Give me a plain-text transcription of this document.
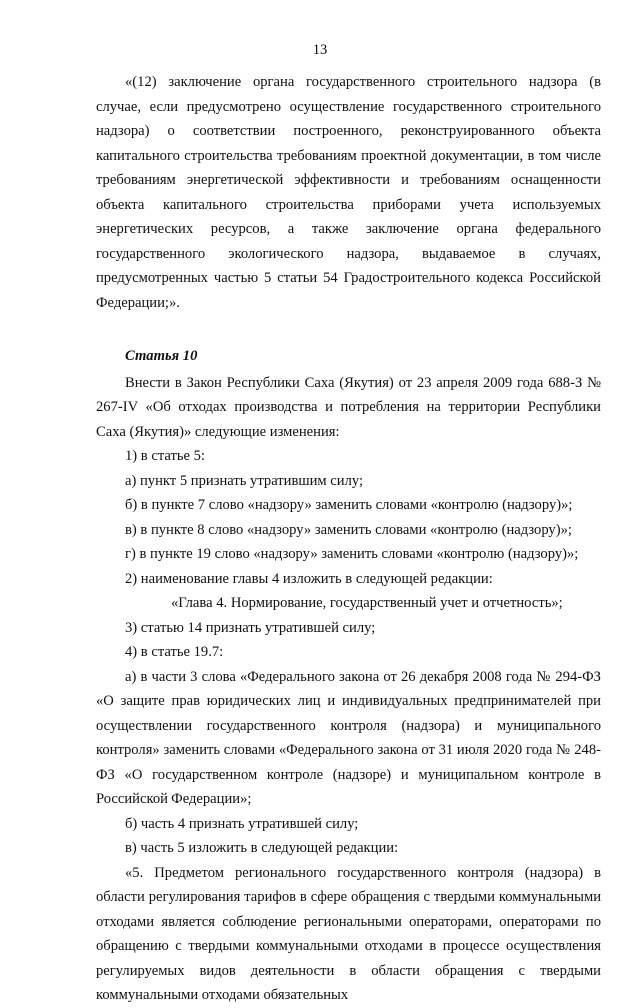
13

«(12) заключение органа государственного строительного надзора (в случае, если предусмотрено осуществление государственного строительного надзора) о соответствии построенного, реконструированного объекта капитального строительства требованиям проектной документации, в том числе требованиям энергетической эффективности и требованиям оснащенности объекта капитального строительства приборами учета используемых энергетических ресурсов, а также заключение органа федерального государственного экологического надзора, выдаваемое в случаях, предусмотренных частью 5 статьи 54 Градостроительного кодекса Российской Федерации;».

Статья 10

Внести в Закон Республики Саха (Якутия) от 23 апреля 2009 года 688-З № 267-IV «Об отходах производства и потребления на территории Республики Саха (Якутия)» следующие изменения:

1) в статье 5:

а) пункт 5 признать утратившим силу;

б) в пункте 7 слово «надзору» заменить словами «контролю (надзору)»;

в) в пункте 8 слово «надзору» заменить словами «контролю (надзору)»;

г) в пункте 19 слово «надзору» заменить словами «контролю (надзору)»;

2) наименование главы 4 изложить в следующей редакции:

«Глава 4. Нормирование, государственный учет и отчетность»;

3) статью 14 признать утратившей силу;

4) в статье 19.7:

а) в части 3 слова «Федерального закона от 26 декабря 2008 года № 294-ФЗ «О защите прав юридических лиц и индивидуальных предпринимателей при осуществлении государственного контроля (надзора) и муниципального контроля» заменить словами «Федерального закона от 31 июля 2020 года № 248-ФЗ «О государственном контроле (надзоре) и муниципальном контроле в Российской Федерации»;

б) часть 4 признать утратившей силу;

в) часть 5 изложить в следующей редакции:

«5. Предметом регионального государственного контроля (надзора) в области регулирования тарифов в сфере обращения с твердыми коммунальными отходами является соблюдение региональными операторами, операторами по обращению с твердыми коммунальными отходами в процессе осуществления регулируемых видов деятельности в области обращения с твердыми коммунальными отходами обязательных
